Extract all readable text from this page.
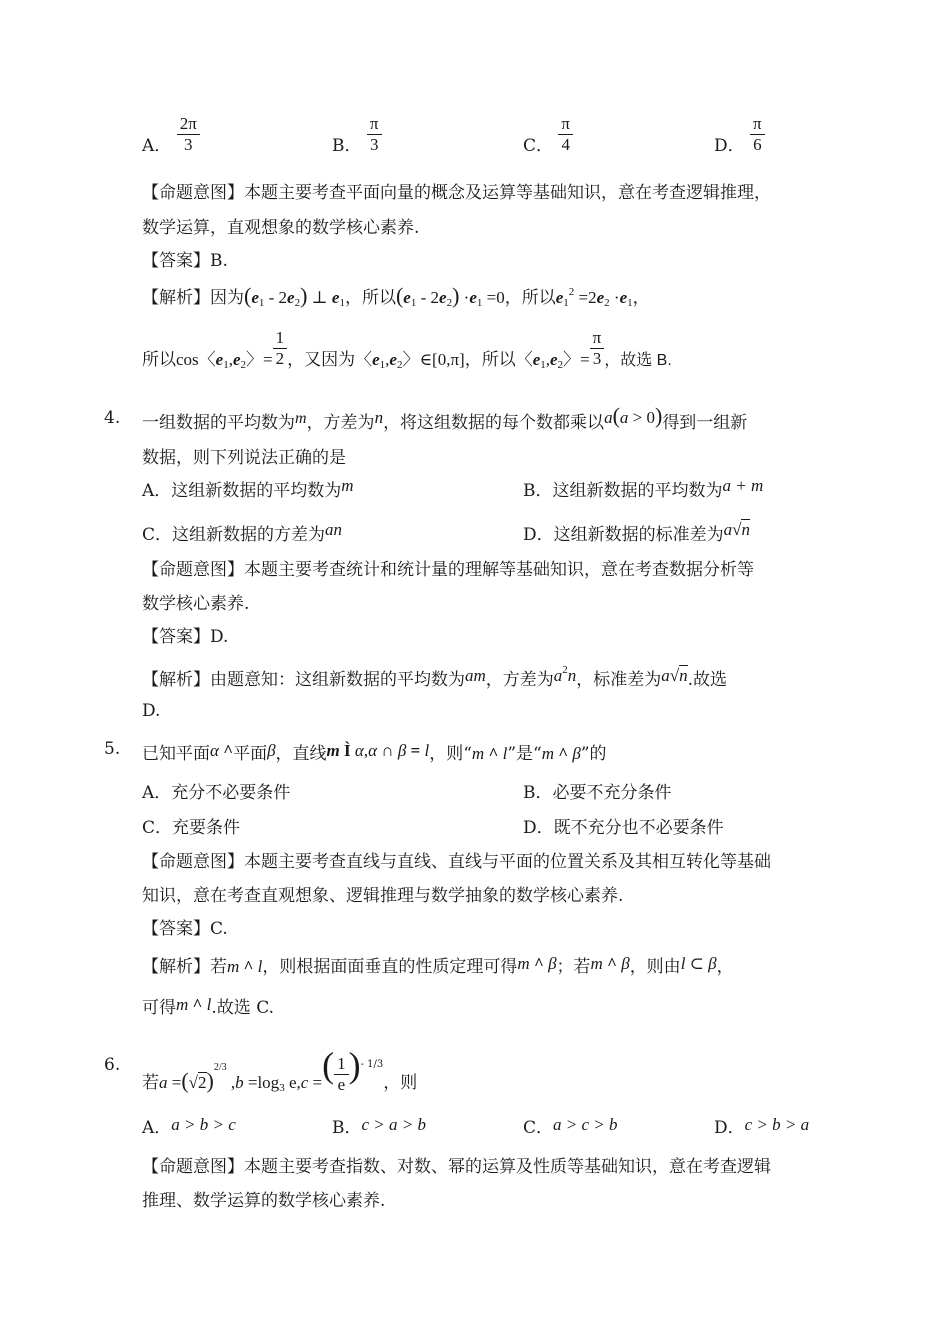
A． $\frac{2\pi}{3}$	B． $\frac{\pi}{3}$	C． $\frac{\pi}{4}$	D． $\frac{\pi}{6}$
【命题意图】本题主要考查平面向量的概念及运算等基础知识，意在考查逻辑推理，
数学运算，直观想象的数学核心素养.
【答案】B.
【解析】因为$(e_1 - 2e_2)$ ⊥ $e_1$，所以$(e_1 - 2e_2) \cdot e_1 =0$，所以$e_1^2 =2e_2 \cdot e_1$，
所以cos〈$e_1,e_2$〉= $\frac{1}{2}$ ，又因为〈$e_1,e_2$〉∈[0,π]，所以〈$e_1,e_2$〉= $\frac{\pi}{3}$ ，故选 B.
4. 一组数据的平均数为m，方差为n，将这组数据的每个数都乘以a(a > 0)得到一组新
数据，则下列说法正确的是
A．这组新数据的平均数为m	B．这组新数据的平均数为a + m
C．这组新数据的方差为an	D．这组新数据的标准差为a√n
【命题意图】本题主要考查统计和统计量的理解等基础知识，意在考查数据分析等
数学核心素养.
【答案】D.
【解析】由题意知：这组新数据的平均数为am，方差为$a^2n$，标准差为a√n.故选
D.
5. 已知平面α ^平面β，直线m Ì α,α ∩ β = l，则“m ^ l”是“m ^ β”的
A．充分不必要条件	B．必要不充分条件
C．充要条件	D．既不充分也不必要条件
【命题意图】本题主要考查直线与直线、直线与平面的位置关系及其相互转化等基础
知识，意在考查直观想象、逻辑推理与数学抽象的数学核心素养.
【答案】C.
【解析】若m ^ l，则根据面面垂直的性质定理可得m ^ β；若m ^ β，则由l ⊂ β，
可得m ^ l.故选 C.
6.
若$a =(√2)^{2/3}$ $,b =\log_3$ e,c =( $\frac{1}{e} )^{- 1/3}$，则
A．a > b > c	B．c > a > b	C．a > c > b	D．c > b > a
【命题意图】本题主要考查指数、对数、幂的运算及性质等基础知识，意在考查逻辑
推理、数学运算的数学核心素养.
